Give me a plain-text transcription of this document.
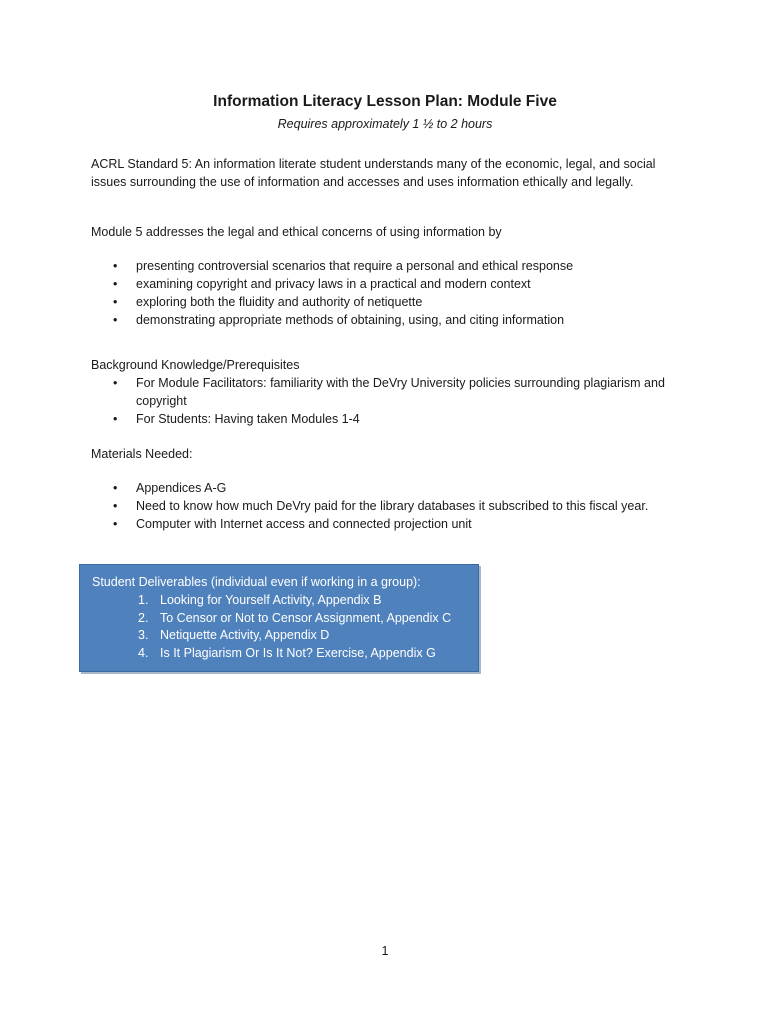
Information Literacy Lesson Plan: Module Five
Requires approximately 1 ½ to 2 hours
ACRL Standard 5: An information literate student understands many of the economic, legal, and social issues surrounding the use of information and accesses and uses information ethically and legally.
Module 5 addresses the legal and ethical concerns of using information by
• presenting controversial scenarios that require a personal and ethical response
• examining copyright and privacy laws in a practical and modern context
• exploring both the fluidity and authority of netiquette
• demonstrating appropriate methods of obtaining, using, and citing information
Background Knowledge/Prerequisites
• For Module Facilitators: familiarity with the DeVry University policies surrounding plagiarism and copyright
• For Students: Having taken Modules 1-4
Materials Needed:
• Appendices A-G
• Need to know how much DeVry paid for the library databases it subscribed to this fiscal year.
• Computer with Internet access and connected projection unit
Student Deliverables (individual even if working in a group):
1. Looking for Yourself Activity, Appendix B
2. To Censor or Not to Censor Assignment, Appendix C
3. Netiquette Activity, Appendix D
4. Is It Plagiarism Or Is It Not? Exercise, Appendix G
1
